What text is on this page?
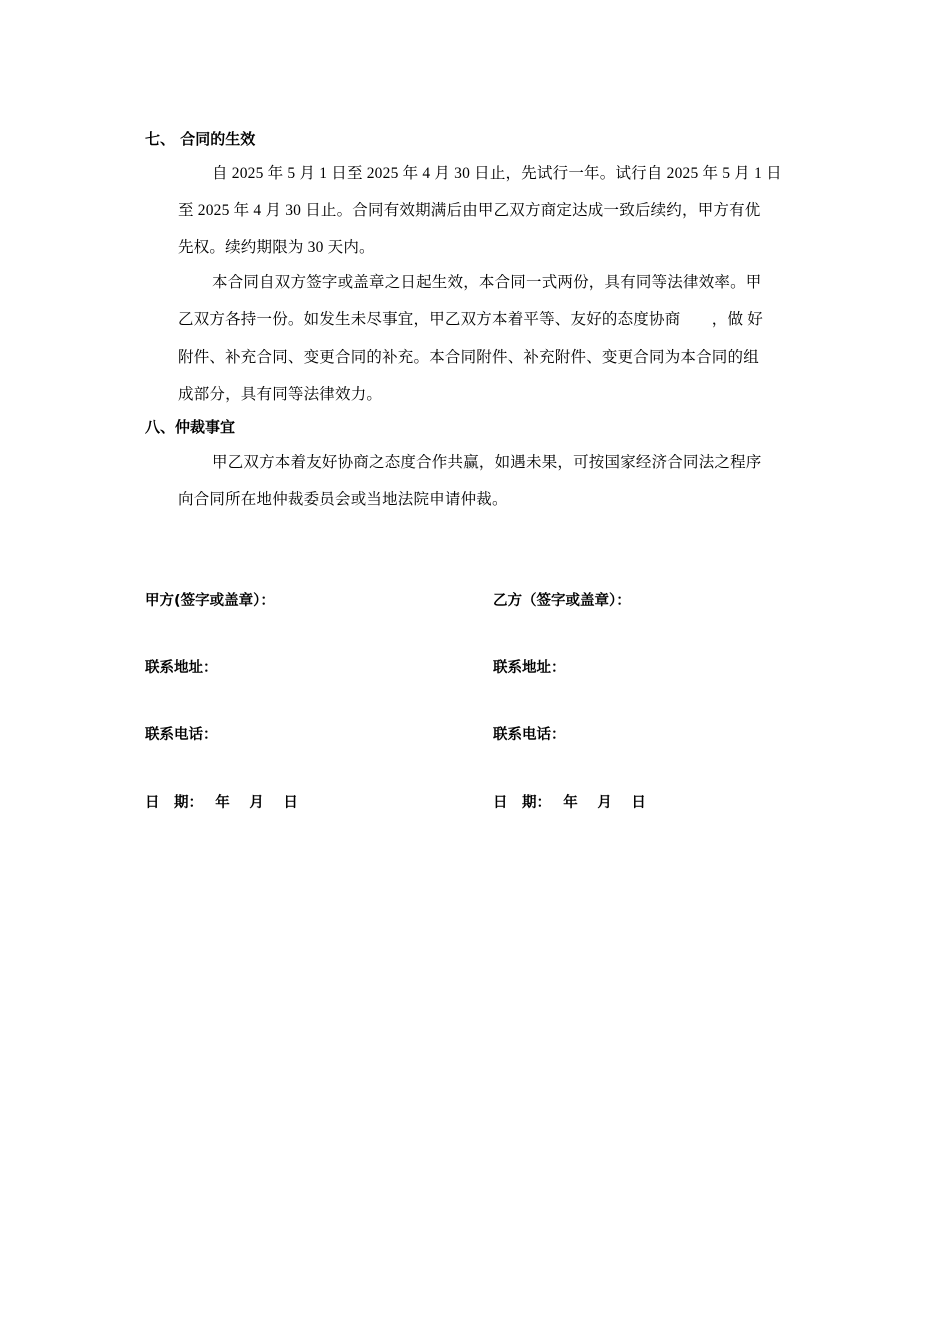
七、 合同的生效
自 2025 年 5 月 1 日至 2025 年 4 月 30 日止，先试行一年。试行自 2025 年 5 月 1 日
至 2025 年 4 月 30 日止。合同有效期满后由甲乙双方商定达成一致后续约，甲方有优
先权。续约期限为 30 天内。
本合同自双方签字或盖章之日起生效，本合同一式两份，具有同等法律效率。甲
乙双方各持一份。如发生未尽事宜，甲乙双方本着平等、友好的态度协商　　，做 好
附件、补充合同、变更合同的补充。本合同附件、补充附件、变更合同为本合同的组
成部分，具有同等法律效力。
八、仲裁事宜
甲乙双方本着友好协商之态度合作共赢，如遇未果，可按国家经济合同法之程序
向合同所在地仲裁委员会或当地法院申请仲裁。
甲方(签字或盖章）：
联系地址：
联系电话：
日　期：　 年　 月　 日
乙方（签字或盖章）：
联系地址：
联系电话：
日　期：　 年　 月　 日
